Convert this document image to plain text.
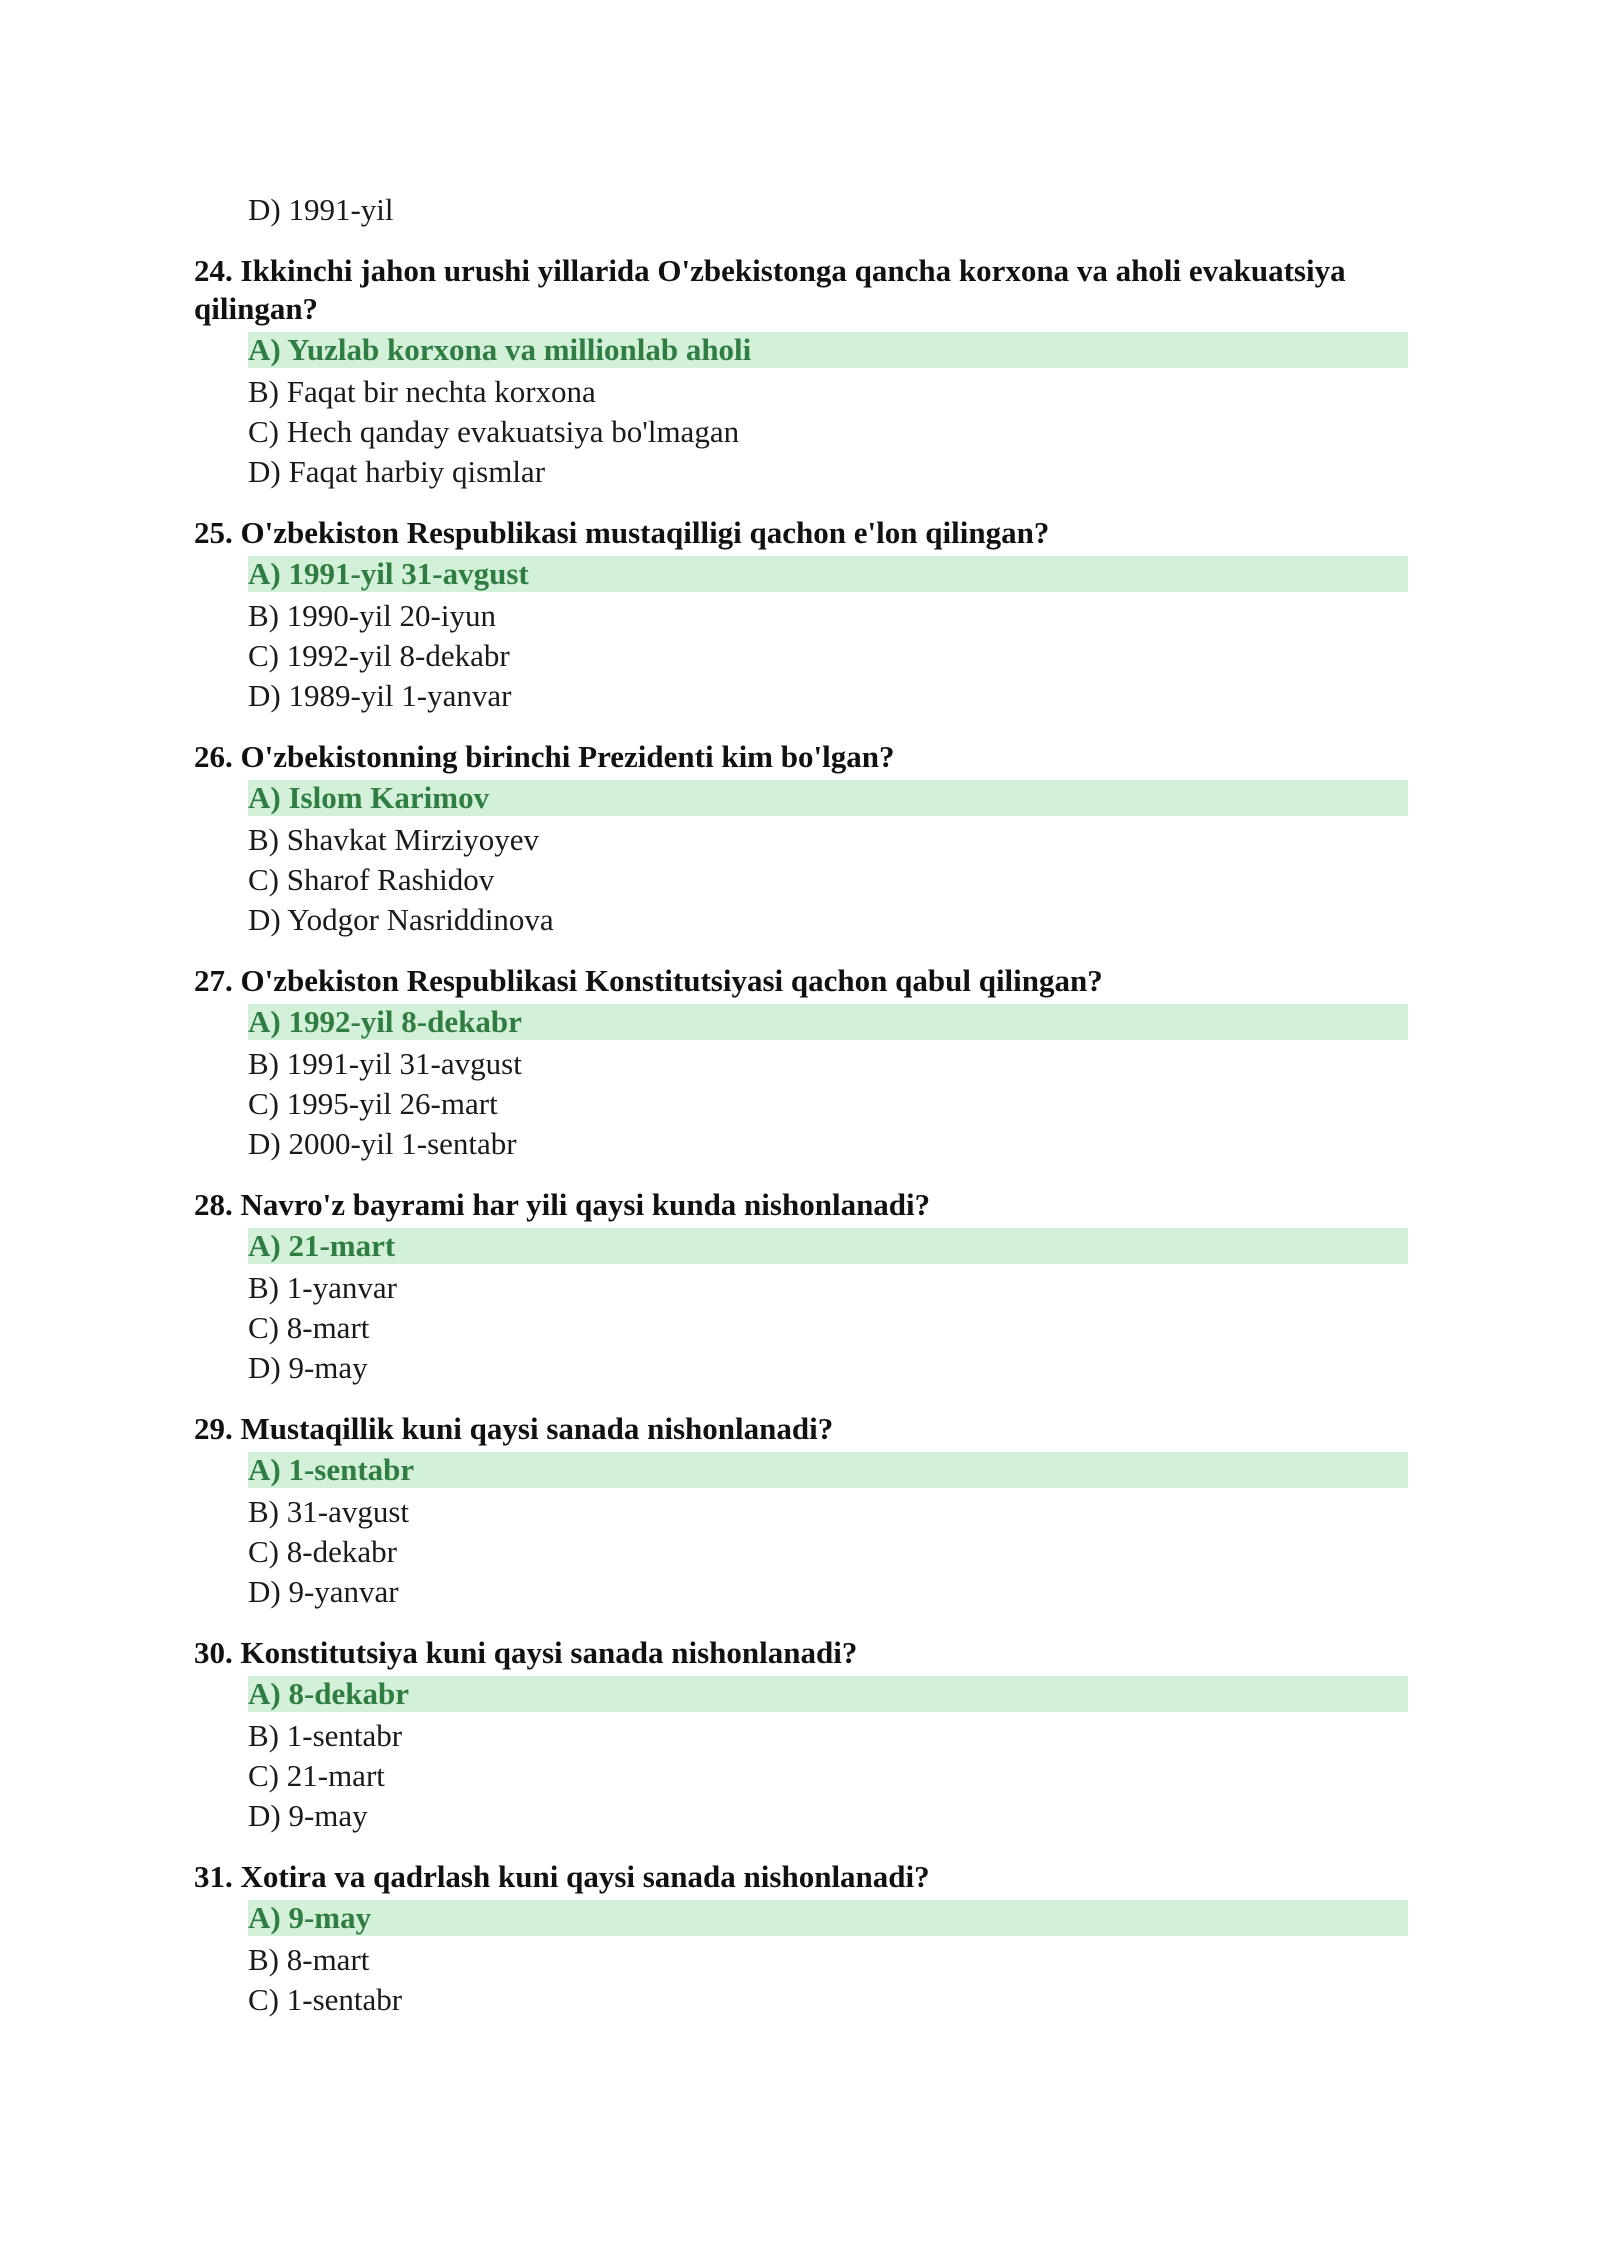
D) 1991-yil
24. Ikkinchi jahon urushi yillarida O'zbekistonga qancha korxona va aholi evakuatsiya qilingan?
A) Yuzlab korxona va millionlab aholi
B) Faqat bir nechta korxona
C) Hech qanday evakuatsiya bo'lmagan
D) Faqat harbiy qismlar
25. O'zbekiston Respublikasi mustaqilligi qachon e'lon qilingan?
A) 1991-yil 31-avgust
B) 1990-yil 20-iyun
C) 1992-yil 8-dekabr
D) 1989-yil 1-yanvar
26. O'zbekistonning birinchi Prezidenti kim bo'lgan?
A) Islom Karimov
B) Shavkat Mirziyoyev
C) Sharof Rashidov
D) Yodgor Nasriddinova
27. O'zbekiston Respublikasi Konstitutsiyasi qachon qabul qilingan?
A) 1992-yil 8-dekabr
B) 1991-yil 31-avgust
C) 1995-yil 26-mart
D) 2000-yil 1-sentabr
28. Navro'z bayrami har yili qaysi kunda nishonlanadi?
A) 21-mart
B) 1-yanvar
C) 8-mart
D) 9-may
29. Mustaqillik kuni qaysi sanada nishonlanadi?
A) 1-sentabr
B) 31-avgust
C) 8-dekabr
D) 9-yanvar
30. Konstitutsiya kuni qaysi sanada nishonlanadi?
A) 8-dekabr
B) 1-sentabr
C) 21-mart
D) 9-may
31. Xotira va qadrlash kuni qaysi sanada nishonlanadi?
A) 9-may
B) 8-mart
C) 1-sentabr
